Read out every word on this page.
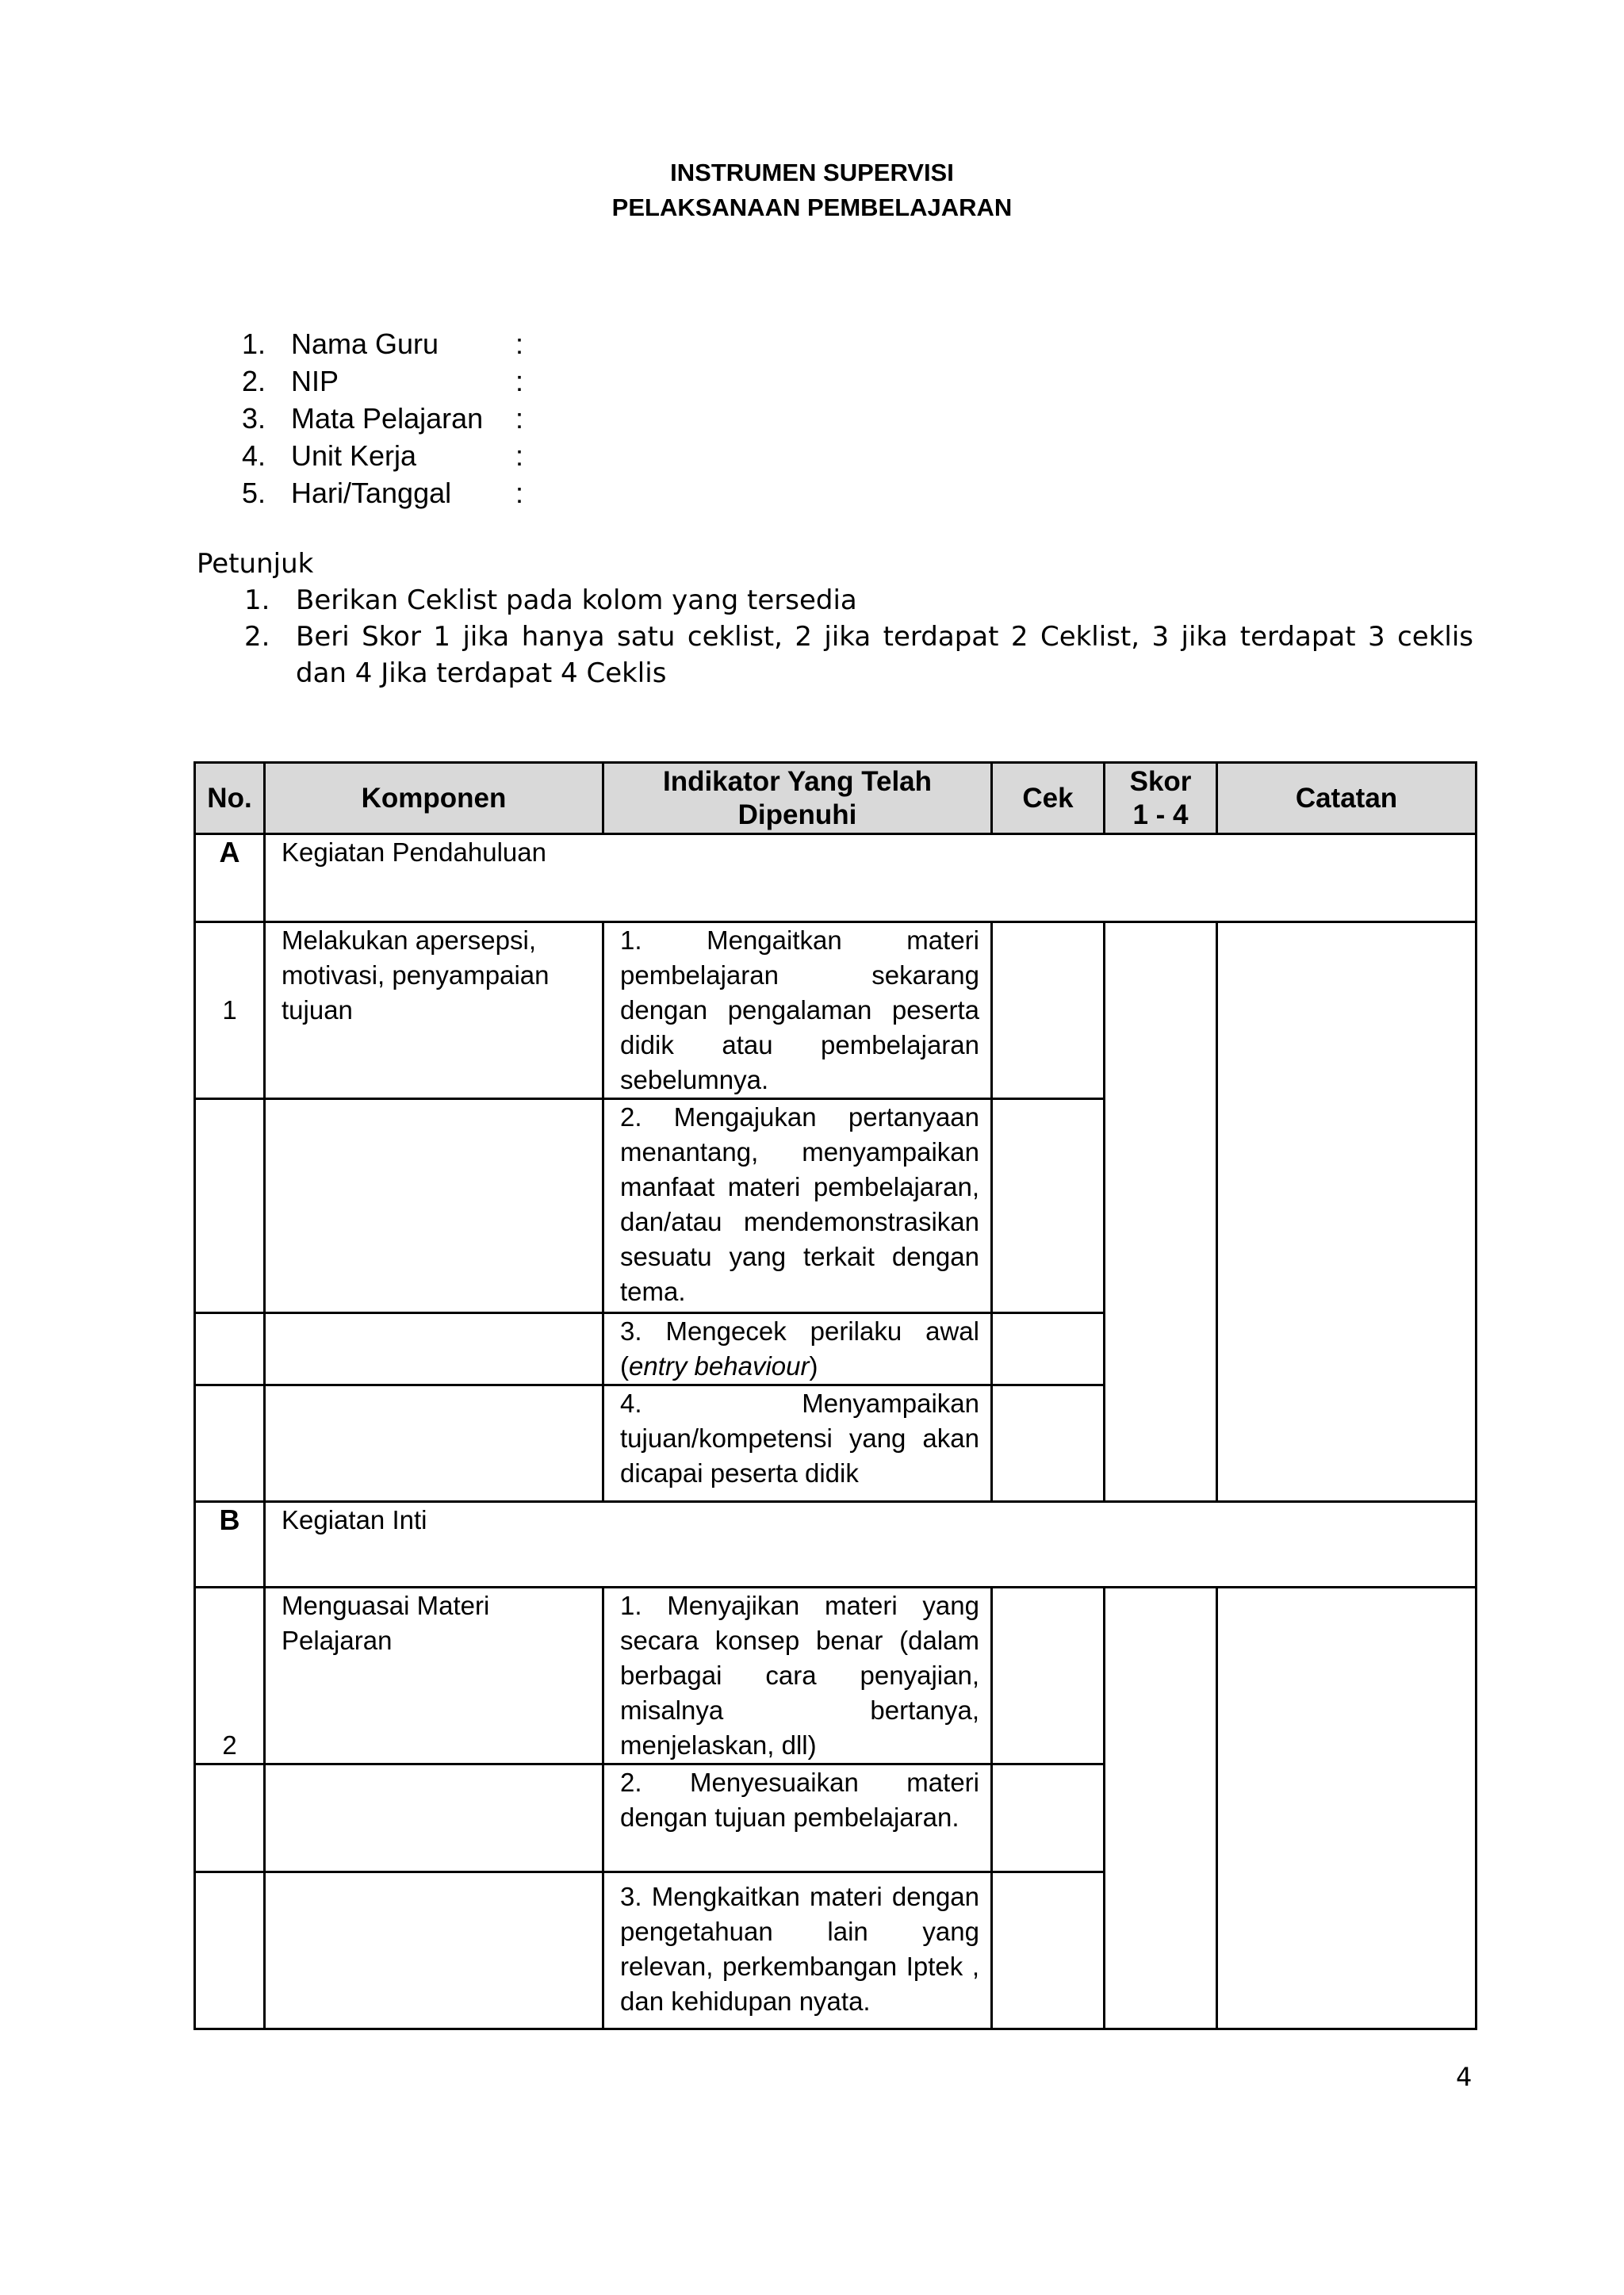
INSTRUMEN SUPERVISI
PELAKSANAAN PEMBELAJARAN
1. Nama Guru	:
2. NIP	:
3. Mata Pelajaran	:
4. Unit Kerja	:
5. Hari/Tanggal	:
Petunjuk
1. Berikan Ceklist pada kolom yang tersedia
2. Beri Skor 1 jika hanya satu ceklist, 2 jika terdapat 2 Ceklist, 3 jika terdapat 3 ceklis dan 4 Jika terdapat 4 Ceklis
No.	Komponen	Indikator Yang Telah Dipenuhi	Cek	Skor 1 - 4	Catatan
A	Kegiatan Pendahuluan				
1	Melakukan apersepsi, motivasi, penyampaian tujuan	1. Mengaitkan materi pembelajaran sekarang dengan pengalaman peserta didik atau pembelajaran sebelumnya.			
		2. Mengajukan pertanyaan menantang, menyampaikan manfaat materi pembelajaran, dan/atau mendemonstrasikan sesuatu yang terkait dengan tema.			
		3. Mengecek perilaku awal (entry behaviour)			
		4. Menyampaikan tujuan/kompetensi yang akan dicapai peserta didik			
B	Kegiatan Inti				
2	Menguasai Materi Pelajaran	1. Menyajikan materi yang secara konsep benar (dalam berbagai cara penyajian, misalnya bertanya, menjelaskan, dll)			
		2. Menyesuaikan materi dengan tujuan pembelajaran.			
		3. Mengkaitkan materi dengan pengetahuan lain yang relevan, perkembangan Iptek , dan kehidupan nyata.			
4
